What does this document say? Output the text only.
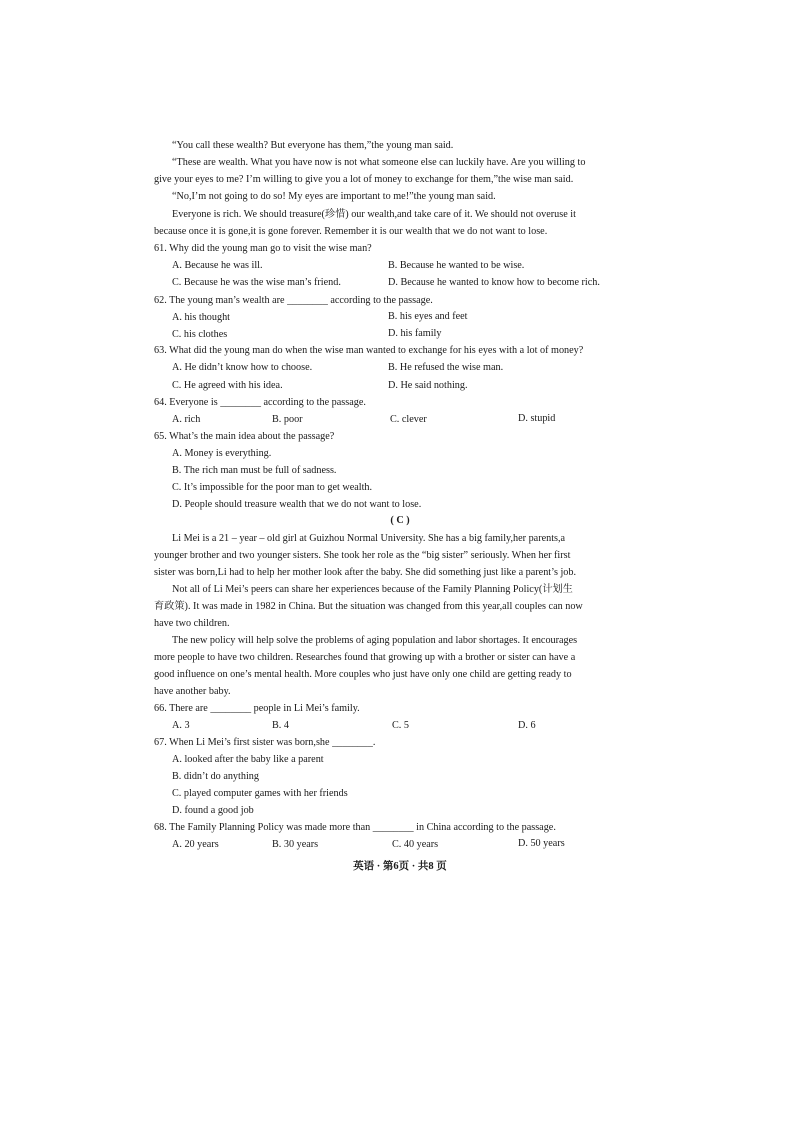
“You call these wealth? But everyone has them,”the young man said.
“These are wealth. What you have now is not what someone else can luckily have. Are you willing to
give your eyes to me? I’m willing to give you a lot of money to exchange for them,”the wise man said.
“No,I’m not going to do so! My eyes are important to me!”the young man said.
Everyone is rich. We should treasure(珍惜) our wealth,and take care of it. We should not overuse it
because once it is gone,it is gone forever. Remember it is our wealth that we do not want to lose.
61. Why did the young man go to visit the wise man?
A. Because he was ill.	B. Because he wanted to be wise.
C. Because he was the wise man’s friend.	D. Because he wanted to know how to become rich.
62. The young man’s wealth are ________ according to the passage.
A. his thought	B. his eyes and feet
C. his clothes	D. his family
63. What did the young man do when the wise man wanted to exchange for his eyes with a lot of money?
A. He didn’t know how to choose.	B. He refused the wise man.
C. He agreed with his idea.	D. He said nothing.
64. Everyone is ________ according to the passage.
A. rich	B. poor	C. clever	D. stupid
65. What’s the main idea about the passage?
A. Money is everything.
B. The rich man must be full of sadness.
C. It’s impossible for the poor man to get wealth.
D. People should treasure wealth that we do not want to lose.
( C )
Li Mei is a 21 – year – old girl at Guizhou Normal University. She has a big family,her parents,a
younger brother and two younger sisters. She took her role as the “big sister” seriously. When her first
sister was born,Li had to help her mother look after the baby. She did something just like a parent’s job.
Not all of Li Mei’s peers can share her experiences because of the Family Planning Policy(计划生
育政策). It was made in 1982 in China. But the situation was changed from this year,all couples can now
have two children.
The new policy will help solve the problems of aging population and labor shortages. It encourages
more people to have two children. Researches found that growing up with a brother or sister can have a
good influence on one’s mental health. More couples who just have only one child are getting ready to
have another baby.
66. There are ________ people in Li Mei’s family.
A. 3	B. 4	C. 5	D. 6
67. When Li Mei’s first sister was born,she ________.
A. looked after the baby like a parent
B. didn’t do anything
C. played computer games with her friends
D. found a good job
68. The Family Planning Policy was made more than ________ in China according to the passage.
A. 20 years	B. 30 years	C. 40 years	D. 50 years
英语 · 第6页 · 共8 页
